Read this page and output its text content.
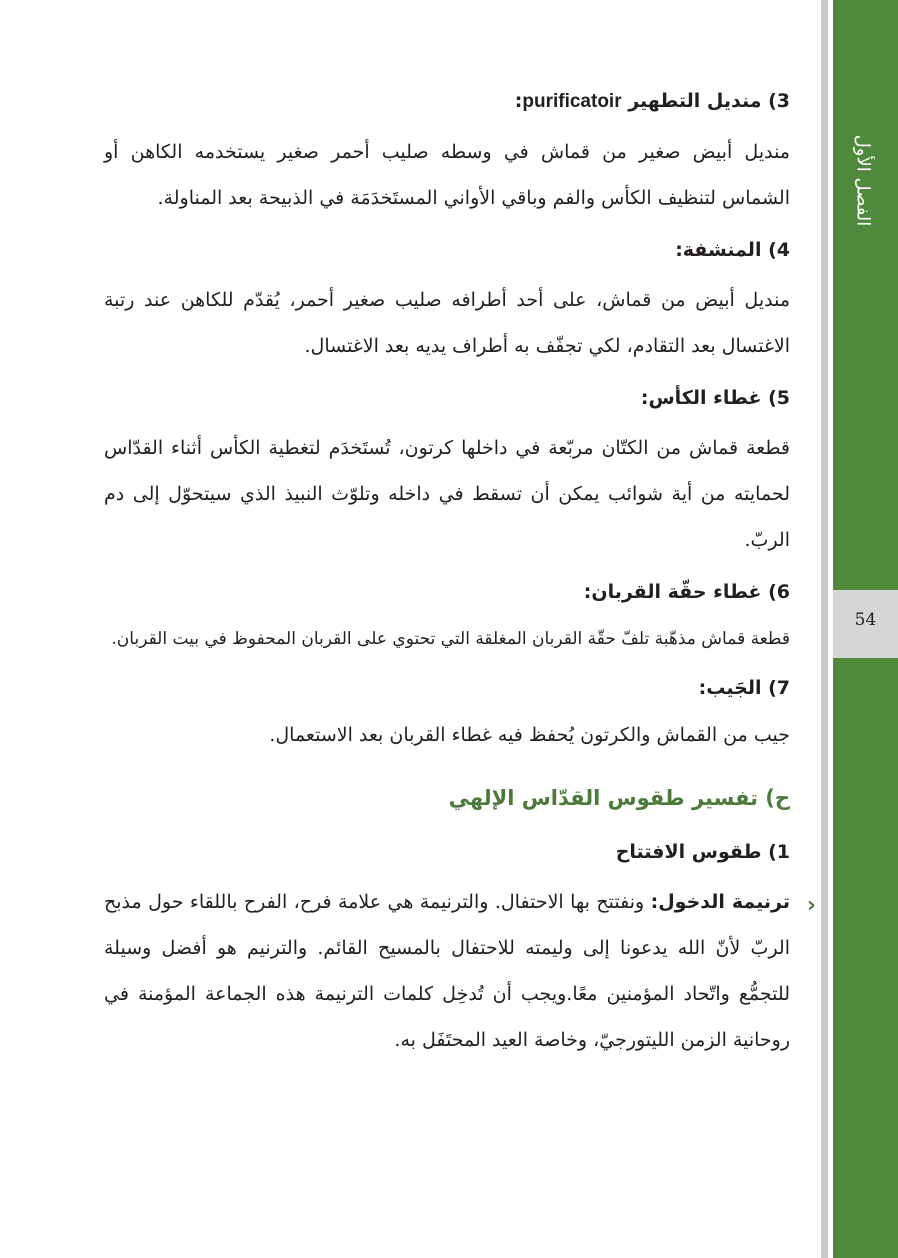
54
الفصل الأول
3) منديل التطهير purificatoir:

منديل أبيض صغير من قماش في وسطه صليب أحمر صغير يستخدمه الكاهن أو الشماس لتنظيف الكأس والفم وباقي الأواني المستَخدَمَة في الذبيحة بعد المناولة.

4) المنشفة:

منديل أبيض من قماش، على أحد أطرافه صليب صغير أحمر، يُقدّم للكاهن عند رتبة الاغتسال بعد التقادم، لكي تجفّف به أطراف يديه بعد الاغتسال.

5) غطاء الكأس:

قطعة قماش من الكتّان مربّعة في داخلها كرتون، تُستَخدَم لتغطية الكأس أثناء القدّاس لحمايته من أية شوائب يمكن أن تسقط في داخله وتلوّث النبيذ الذي سيتحوّل إلى دم الربّ.

6) غطاء حقّة القربان:

قطعة قماش مذهّبة تلفّ حقّة القربان المغلقة التي تحتوي على القربان المحفوظ في بيت القربان.

7) الجَيب:

جيب من القماش والكرتون يُحفظ فيه غطاء القربان بعد الاستعمال.

ح) تفسير طقوس القدّاس الإلهي
1) طقوس الافتتاح

‹
ترنيمة الدخول: ونفتتح بها الاحتفال. والترنيمة هي علامة فرح، الفرح باللقاء حول مذبح الربّ لأنّ الله يدعونا إلى وليمته للاحتفال بالمسيح القائم. والترنيم هو أفضل وسيلة للتجمُّع واتّحاد المؤمنين معًا.ويجب أن تُدخِل كلمات الترنيمة هذه الجماعة المؤمنة في روحانية الزمن الليتورجيّ، وخاصة العيد المحتَفَل به.
